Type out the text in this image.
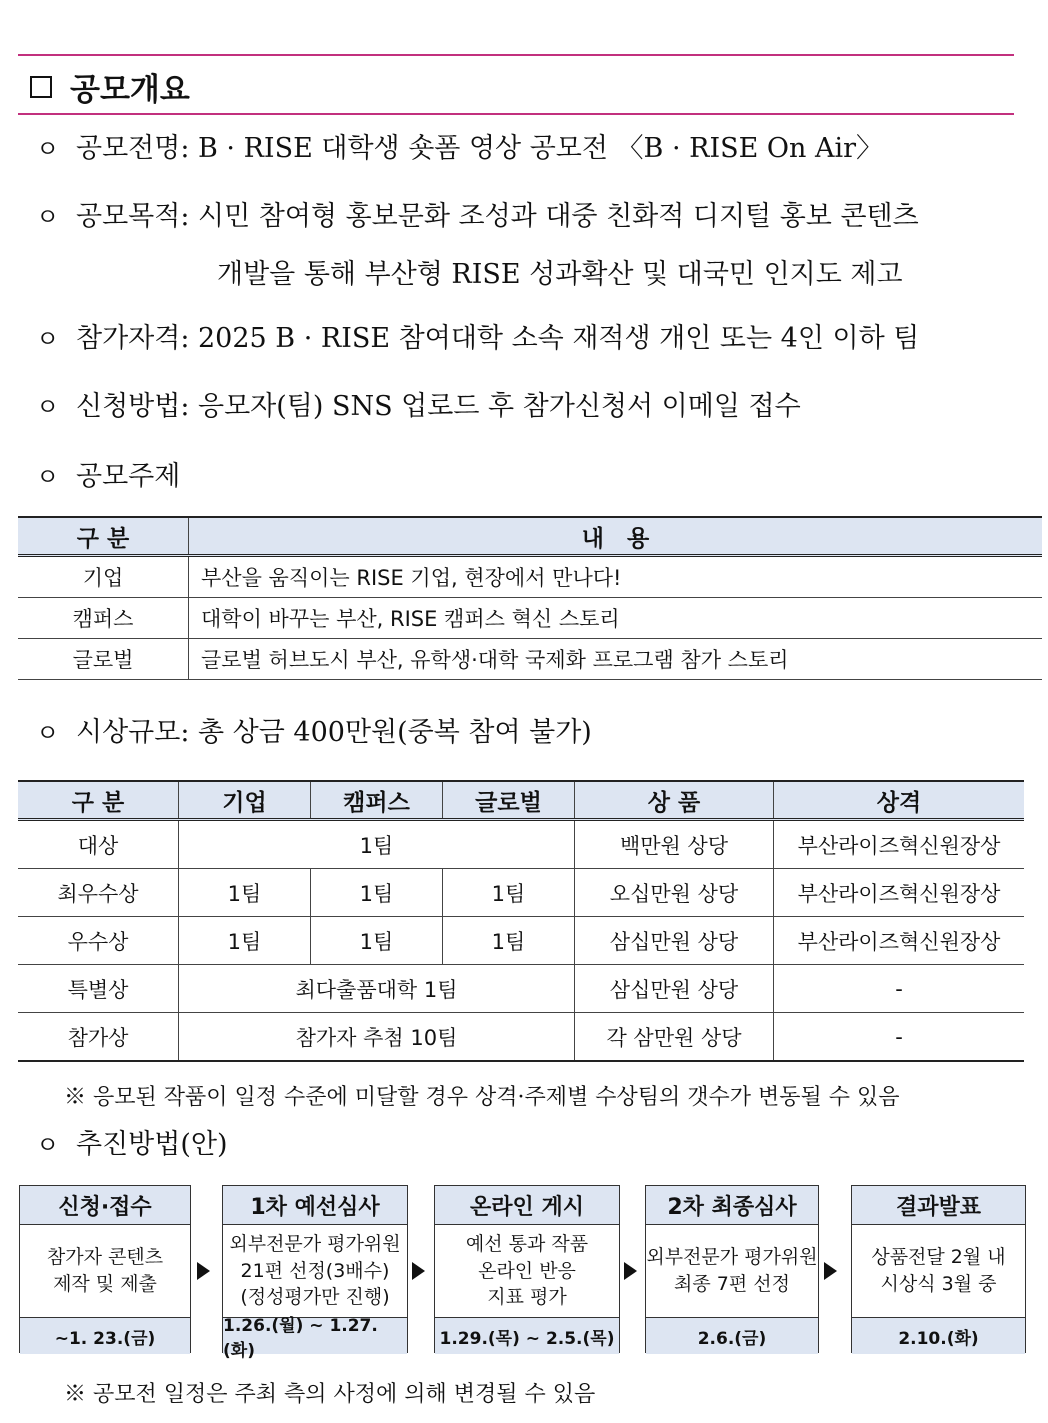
공모개요
ㅇ 공모전명: B · RISE 대학생 숏폼 영상 공모전 〈B · RISE On Air〉
ㅇ 공모목적: 시민 참여형 홍보문화 조성과 대중 친화적 디지털 홍보 콘텐츠
개발을 통해 부산형 RISE 성과확산 및 대국민 인지도 제고
ㅇ 참가자격: 2025 B · RISE 참여대학 소속 재적생 개인 또는 4인 이하 팀
ㅇ 신청방법: 응모자(팀) SNS 업로드 후 참가신청서 이메일 접수
ㅇ 공모주제
구 분	내　용
기업	부산을 움직이는 RISE 기업, 현장에서 만나다!
캠퍼스	대학이 바꾸는 부산, RISE 캠퍼스 혁신 스토리
글로벌	글로벌 허브도시 부산, 유학생·대학 국제화 프로그램 참가 스토리
ㅇ 시상규모: 총 상금 400만원(중복 참여 불가)
구 분	기업	캠퍼스	글로벌	상 품	상격
대상	1팀			백만원 상당	부산라이즈혁신원장상
최우수상	1팀	1팀	1팀	오십만원 상당	부산라이즈혁신원장상
우수상	1팀	1팀	1팀	삼십만원 상당	부산라이즈혁신원장상
특별상	최다출품대학 1팀			삼십만원 상당	-
참가상	참가자 추첨 10팀			각 삼만원 상당	-
※ 응모된 작품이 일정 수준에 미달할 경우 상격·주제별 수상팀의 갯수가 변동될 수 있음
ㅇ 추진방법(안)
신청·접수
참가자 콘텐츠
제작 및 제출
~1. 23.(금)
1차 예선심사
외부전문가 평가위원
21편 선정(3배수)
(정성평가만 진행)
1.26.(월) ~ 1.27.(화)
온라인 게시
예선 통과 작품
온라인 반응
지표 평가
1.29.(목) ~ 2.5.(목)
2차 최종심사
외부전문가 평가위원
최종 7편 선정
2.6.(금)
결과발표
상품전달 2월 내
시상식 3월 중
2.10.(화)
※ 공모전 일정은 주최 측의 사정에 의해 변경될 수 있음
